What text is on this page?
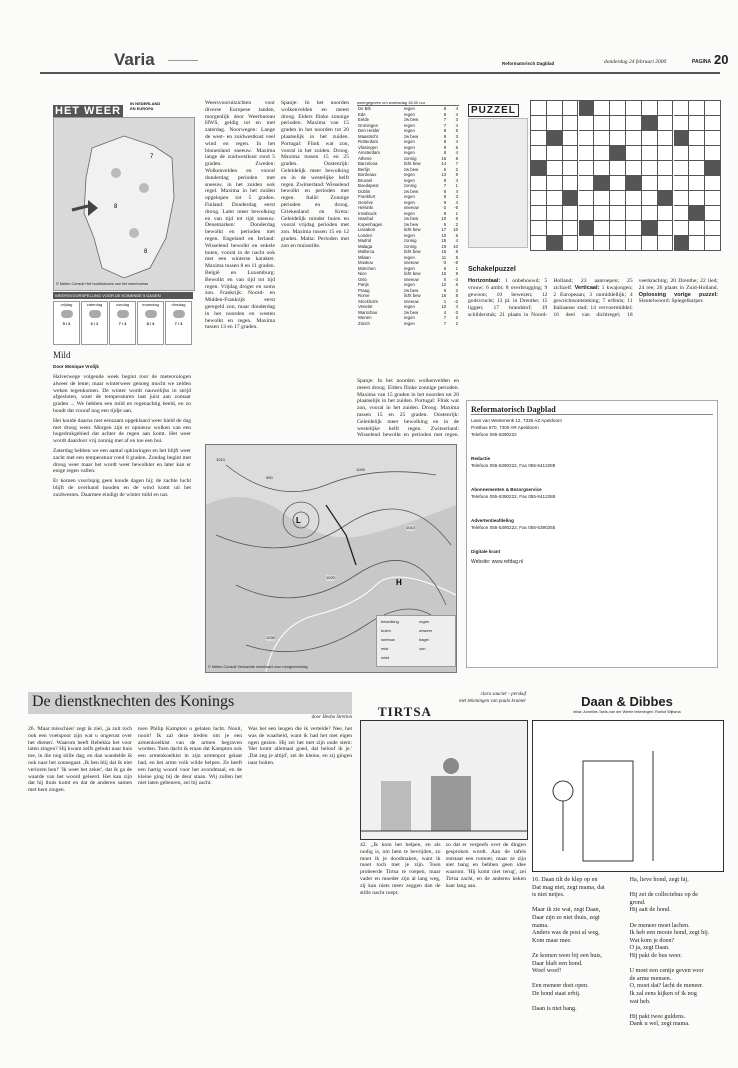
Varia	Reformatorisch Dagblad	donderdag 24 februari 2000	PAGINA 20
HET WEER
IN NEDERLAND
EN EUROPA
7
8
8
© Meteo Consult Het hoofdnieuws van het weerbureau
WEERSVOORSPELLING VOOR DE KOMENDE 5 DAGEN
vrijdag
5 / 2
zaterdag
6 / 2
zondag
7 / 4
maandag
8 / 3
dinsdag
7 / 3
Mild
Door Monique Vrolijk

Halverwege volgende week begint toor de meteorologen alweer de lente; maar winterweer genoeg mocht we zelden weken tegenkomen. De winter wordt nauwelijks in strijd afgesloten, want de temperaturen laat juist aan zomaar graden ... We hebben een mild en regenachtig beeld, en zo houdt dat vooraf nog een tijdje aan.

Het koude daarna met eenzaam opgeklaard weer hield de dag met droog weer. Morgen zijn er opnieuw wolken van een hogedrukgebied dat achter de regen aan komt. Het weer wordt daardoor vrij zonnig met af en toe een bui.

Zaterdag hebben we een aantal opklaringen en het blijft weer zacht met een temperatuur rond 8 graden. Zondag begint met droog weer maar het wordt weer bewolkter en later kan er enige regen vallen.

Er komen voorlopig geen koude dagen bij; de zachte lucht blijft de overhand houden en de wind komt uit het zuidwesten. Daarmee eindigt de winter mild en nat.

Weersvooruitzichten voor diverse Europese landen, morgenlijk door Weerbureau HWS, geldig tot en met zaterdag. Noorwegen: Lange de west- en zuidwestkust veel wind en regen. In het binnenland sneeuw. Maxima lange de zuidwestkust rond 5 graden. Zweden: Wolkenvelden en vooral donderdag perioden met sneeuw, in het zuiden ook regel. Maxima in het zuiden opgelopen tot 5 graden. Finland: Donderdag eerst droog. Later meer bewolking en van tijd tot tijd sneeuw. Denemarken: Donderdag bewolkt en perioden met regen. Engeland en Ierland: Wisselend bewolkt en enkele buien, vooral in de nacht ook met een winterse karakter. Maxima tussen 8 en 11 graden. België en Luxemburg: Bewolkt en van tijd tot tijd regen. Vrijdag droger en soms zon. Frankrijk: Noord- en Midden-Frankrijk eerst geregeld zon, maar donderdag in het noorden en westen bewolkt en regen. Maxima tussen 13 en 17 graden.
Spanje: In het noorden wolkenvelden en meest droog. Elders flinke zonnige perioden. Maxima van 15 graden in het noorden tot 20 plaatselijk in het zuiden. Portugal: Flink wat zon, vooral in het zuiden. Droog. Maxima tussen 15 en 25 graden. Oostenrijk: Geleidelijk meer bewolking en in de westelijke helft regen. Zwitserland: Wisselend bewolkt en perioden met regen. Italië: Zonnige perioden en droog. Griekenland en Kreta: Geleidelijk minder buien en vooral vrijdag perioden met zon. Maxima tussen 15 en 12 graden. Malta: Perioden met zon en muisstilte.
weergegeven om woensdag 18.00 uur
De Bilt	regen	8	4
Ede	regen	8	4
Eelde	zw bew	7	3
Groningen	regen	7	4
Den Helder	regen	8	5
Maastricht	zw bew	9	3
Rotterdam	regen	8	4
Vlissingen	regen	9	5
Amsterdam	regen	8	4
Athene	zonnig	16	8
Barcelona	licht bew	14	7
Berlijn	zw bew	6	2
Bordeaux	regen	13	9
Brussel	regen	9	4
Boedapest	zonnig	7	1
Dublin	zw bew	8	4
Frankfurt	regen	8	3
Genève	regen	9	4
Helsinki	sneeuw	-2	-5
Innsbruck	regen	8	1
Istanbul	zw bew	10	6
Kopenhagen	zw bew	5	2
Lissabon	licht bew	17	10
Londen	regen	10	5
Madrid	zonnig	15	4
Malaga	zonnig	19	10
Mallorca	licht bew	16	8
Milaan	regen	11	5
Moskou	sneeuw	-3	-8
München	regen	6	1
Nice	licht bew	15	9
Oslo	sneeuw	0	-3
Parijs	regen	12	6
Praag	zw bew	6	2
Rome	licht bew	16	8
Stockholm	sneeuw	1	-2
Venetië	regen	10	4
Warschau	zw bew	4	0
Wenen	regen	7	2
Zürich	regen	7	2
Spanje: In het noorden wolkenvelden en meest droog. Elders flinke zonnige perioden. Maxima van 15 graden in het noorden tot 20 plaatselijk in het zuiden. Portugal: Flink wat zon, vooral in het zuiden. Droog. Maxima tussen 15 en 25 graden. Oostenrijk: Geleidelijk meer bewolking en in de westelijke helft regen. Zwitserland: Wisselend bewolkt en perioden met regen.
L
H
1010
990
1000
1010
1020
1030
bewolking	regen
buien	onweer
sneeuw	hagel
mist	zon
wind
© Meteo Consult Verwachte weerkaart voor morgenmiddag
PUZZEL
Schakelpuzzel
Horizontaal: 1 onbebouwd; 5 vrouw; 6 ambt; 8 overbrugging; 9 gewoon; 10 bewezen; 12 godsvrucht; 13 pl. in Drenthe; 15 liggen; 17 brandstof; 19 schilderstuk; 21 plaats in Noord-Holland; 23 aanroepen; 25 zichzelf. Verticaal: 1 kwajongen; 2 Europeaan; 3 onmiddellijk; 4 gewrichtsontsteking; 7 erfenis; 11 Italiaanse stad; 14 vervoermiddel; 16 deel van dichtregel; 18 veerkrachtig; 20 Drenthe; 22 lied; 24 ree; 26 plaats in Zuid-Holland. Oplossing vorige puzzel: Sleutelwoord: Spiegelkarper.
Reformatorisch Dagblad
Laan van Westenenk 12, 7336 AZ Apeldoorn
Postbus 670, 7300 AR Apeldoorn
Telefoon 055-5390222
Redactie
Telefoon 055-5390222, Fax 055-5412288
Abonnementen & Bezorgservice
Telefoon 055-5390222, Fax 055-5412288
Advertentieafdeling
Telefoon 055-5390222, Fax 055-5390255
Digitale krant
Website: www.refdag.nl
De dienstknechten des Konings
door Hesba Stretton
26. 'Maar misschien' zegt ik ziel, ,ja zult toch ook een voetspoor zijn wat u ongerust over het dienen'. Waarom heeft Rebekka het voor laten zingen? Hij kwam zelfs gebukt naar huis toe, in die nog stille dag, en dan wandelde ik ook naar het zonnegaat. ,Ik ben blij dat ik niet verloren ben!' 'Ik weet het zeker', dat ik ga de waarde van het woord geleerd. Het kan zijn dat hij thuis komt en dat de anderen samen met hem zingen.
toen Philip Kampton u gelaten lacht. Nooit, nooit! Ik zal deze treden om je een armenkoelkist van de armen begraven worden. Toen dacht ik eraan dat Kampton ook een armenkoelkist in zijn armenpot gelaat had, en het arme volk wilde helpen. Ze heeft een hartig woord voor het avondmaal, en de kleine ging bij de deur staan. Wij zullen het niet laten gebeuren, zei hij zacht.
Was het een leugen die ik vertelde? Nee, het was de waarheid, want ik had het met eigen ogen gezien. Hij zei het met zijn oude stem: 'Het komt allemaal goed, dat beloof ik je.' ,Dat zeg je altijd', zei de kleine, en zij gingen naar buiten.
TIRTSA
clara saucier - perskuf
met tekeningen van paulo kramer
42. ,,Ik kom het helpen, en als nodig is, om hem te bevrijden, zo moet ik je doodmaken, want ik moet toch met je zijn. Toen probeerde Tirtsa te roepen, maar vader en moeder zijn al lang weg, zij kan niets meer zeggen dan de stille nacht roept.
zo dat er vergeefs over de dingen gesproken wordt. Aan de tafels ontstaat een rumoer, maar ze zijn niet bang en hebben geen idee waarom. 'Hij komt niet terug', zei Tirtsa zacht, en de anderen keken haar lang aan.
Daan & Dibbes
tekst: Annelies Tanis-van der Weele tekeningen: Roelof Wijtsma
16. Daan tilt de klep op en
Dat mag niet, zegt mama, dat
is niet netjes.

Maar ik zie wat, zegt Daan,
Daar zijn ze niet thuis, zegt
mama.
Anders was de post al weg,
Kom maar mee.

Ze komen weer bij een huis,
Daar blaft een hond.
Woef woef!

Een meneer doet open.
De hond staat erbij.

Daan is niet bang.
Ha, lieve hond, zegt hij.

Hij zet de collectebus op de
grond.
Hij aait de hond.

De meneer moet lachen.
Ik heb een mooie hond, zegt hij.
Wat kom je doen?
O ja, zegt Daan.
Hij pakt de bus weer.

U moet een centje geven voor
de arme mensen.
O, moet dat? lacht de meneer.
Ik zal eens kijken of ik nog
wat heb.

Hij pakt twee guldens.
Dank u wel, zegt mama.
